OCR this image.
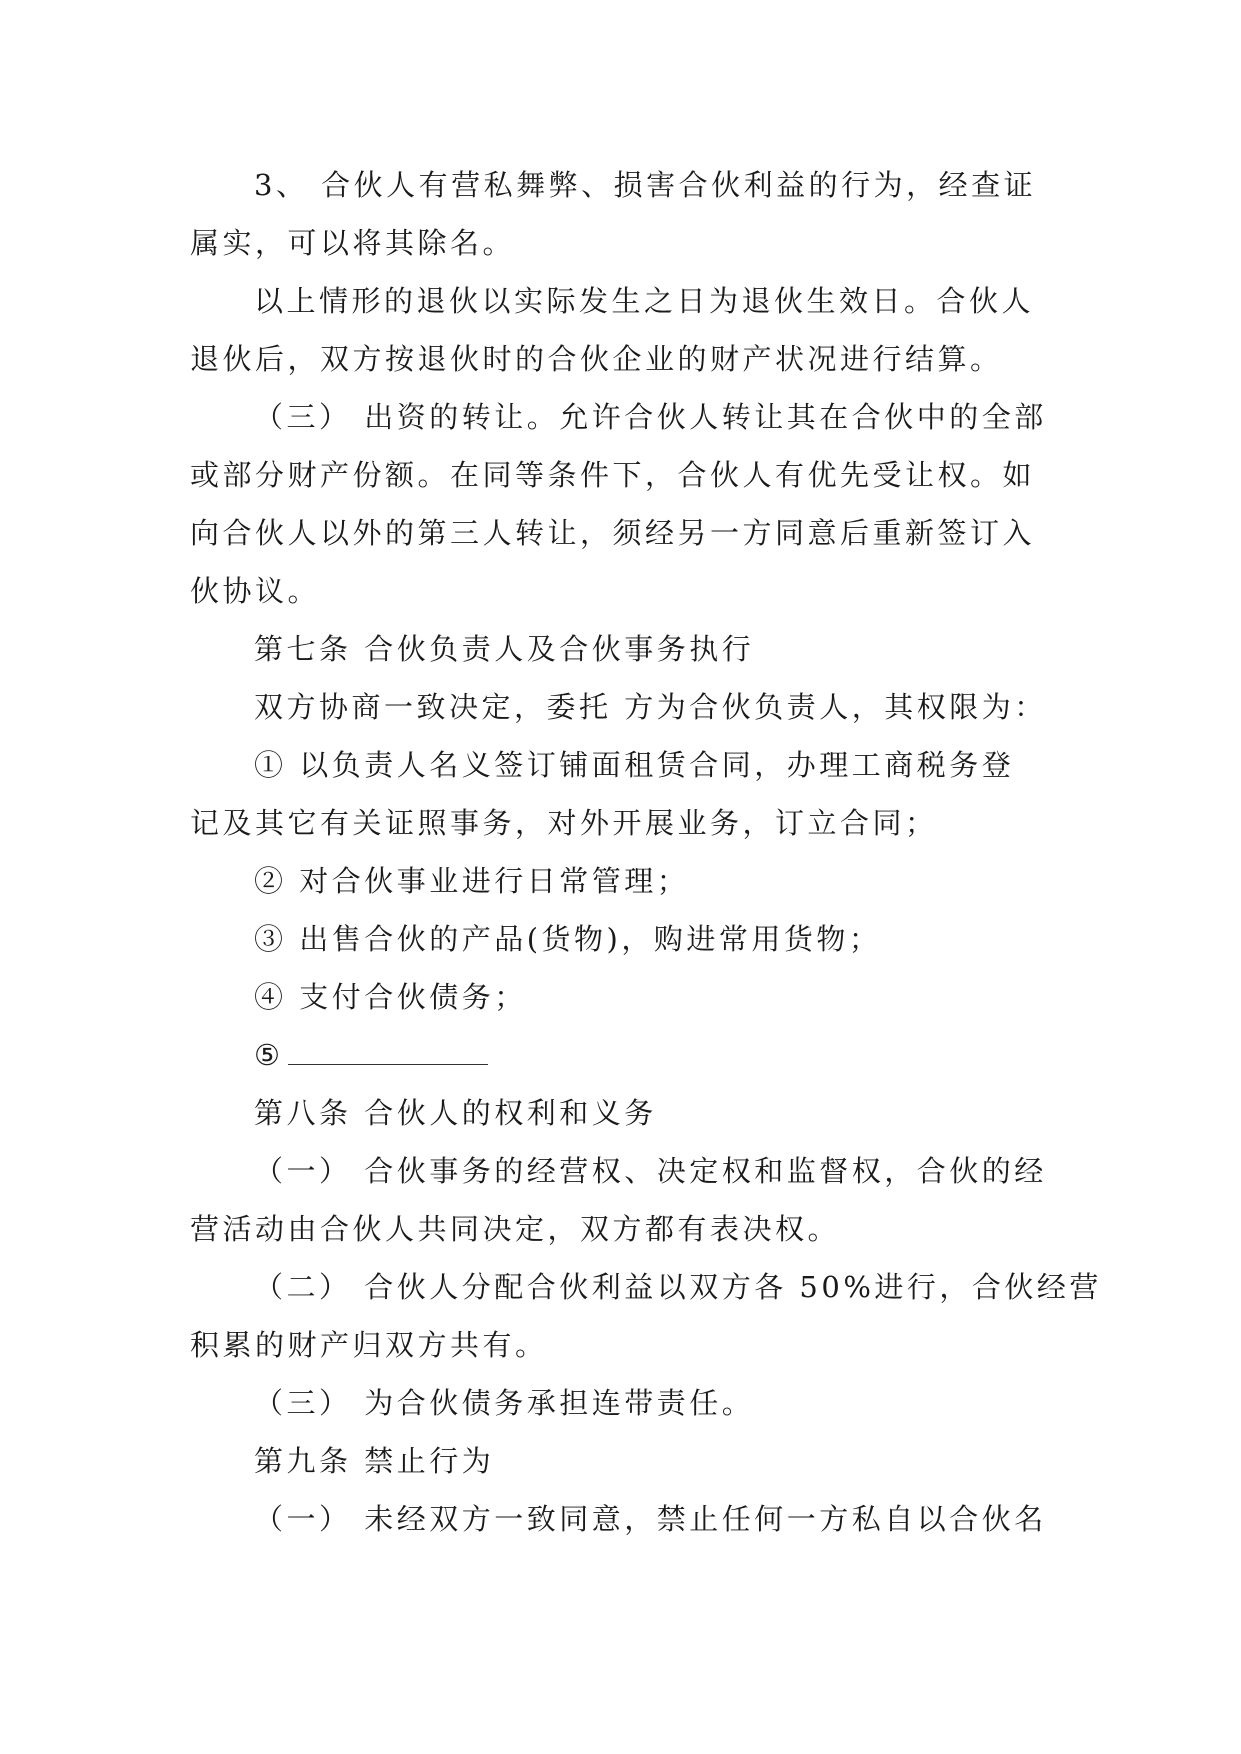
3、 合伙人有营私舞弊、损害合伙利益的行为，经查证
属实，可以将其除名。
以上情形的退伙以实际发生之日为退伙生效日。合伙人
退伙后，双方按退伙时的合伙企业的财产状况进行结算。
（三） 出资的转让。允许合伙人转让其在合伙中的全部
或部分财产份额。在同等条件下，合伙人有优先受让权。如
向合伙人以外的第三人转让，须经另一方同意后重新签订入
伙协议。
第七条 合伙负责人及合伙事务执行
双方协商一致决定，委托 方为合伙负责人，其权限为：
① 以负责人名义签订铺面租赁合同，办理工商税务登
记及其它有关证照事务，对外开展业务，订立合同；
② 对合伙事业进行日常管理；
③ 出售合伙的产品(货物)，购进常用货物；
④ 支付合伙债务；
⑤
第八条 合伙人的权利和义务
（一） 合伙事务的经营权、决定权和监督权，合伙的经
营活动由合伙人共同决定，双方都有表决权。
（二） 合伙人分配合伙利益以双方各 50%进行，合伙经营
积累的财产归双方共有。
（三） 为合伙债务承担连带责任。
第九条 禁止行为
（一） 未经双方一致同意，禁止任何一方私自以合伙名
